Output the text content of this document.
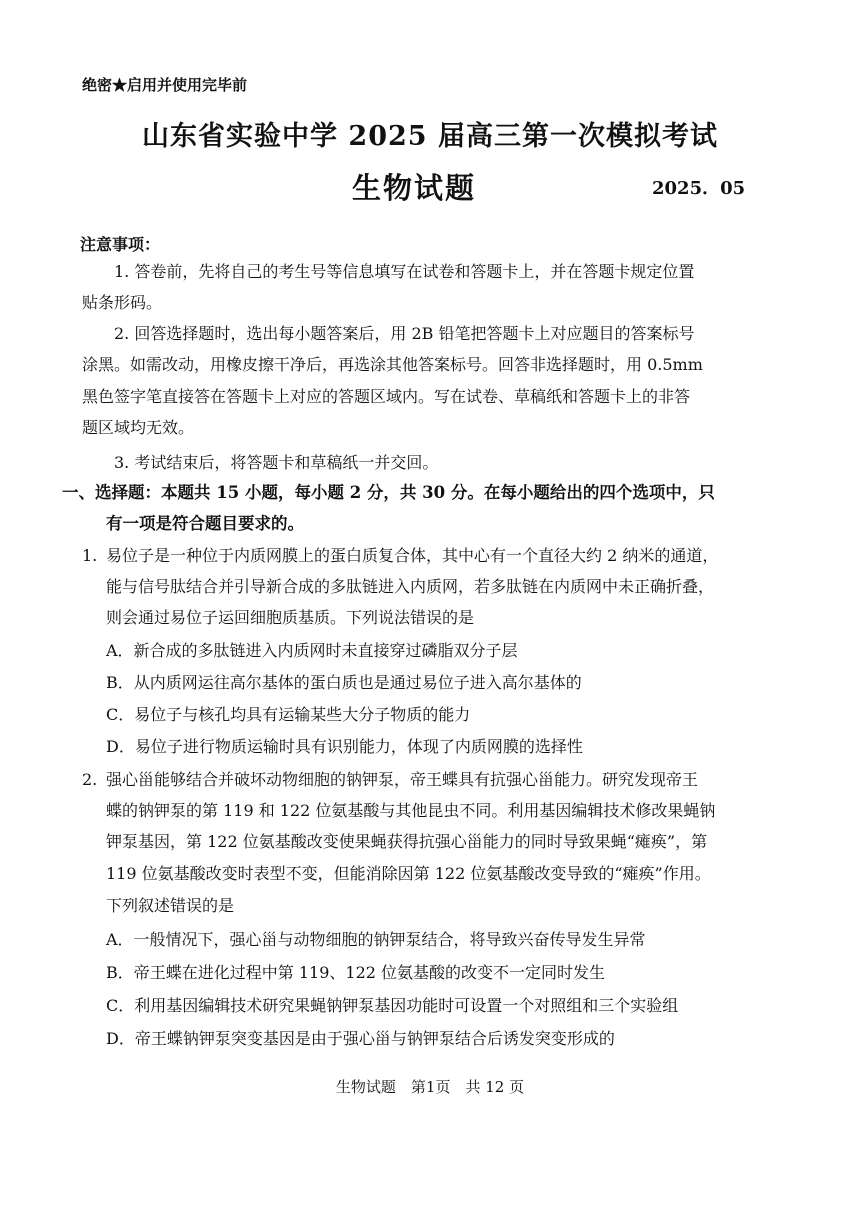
绝密★启用并使用完毕前
山东省实验中学 2025 届高三第一次模拟考试
生物试题	2025．05
注意事项：
1. 答卷前，先将自己的考生号等信息填写在试卷和答题卡上，并在答题卡规定位置
贴条形码。
2. 回答选择题时，选出每小题答案后，用 2B 铅笔把答题卡上对应题目的答案标号
涂黑。如需改动，用橡皮擦干净后，再选涂其他答案标号。回答非选择题时，用 0.5mm
黑色签字笔直接答在答题卡上对应的答题区域内。写在试卷、草稿纸和答题卡上的非答
题区域均无效。
3. 考试结束后，将答题卡和草稿纸一并交回。
一、选择题：本题共 15 小题，每小题 2 分，共 30 分。在每小题给出的四个选项中，只
有一项是符合题目要求的。
1. 易位子是一种位于内质网膜上的蛋白质复合体，其中心有一个直径大约 2 纳米的通道，
能与信号肽结合并引导新合成的多肽链进入内质网，若多肽链在内质网中未正确折叠，
则会通过易位子运回细胞质基质。下列说法错误的是
A．新合成的多肽链进入内质网时未直接穿过磷脂双分子层
B．从内质网运往高尔基体的蛋白质也是通过易位子进入高尔基体的
C．易位子与核孔均具有运输某些大分子物质的能力
D．易位子进行物质运输时具有识别能力，体现了内质网膜的选择性
2. 强心甾能够结合并破坏动物细胞的钠钾泵，帝王蝶具有抗强心甾能力。研究发现帝王
蝶的钠钾泵的第 119 和 122 位氨基酸与其他昆虫不同。利用基因编辑技术修改果蝇钠
钾泵基因，第 122 位氨基酸改变使果蝇获得抗强心甾能力的同时导致果蝇“瘫痪”，第
119 位氨基酸改变时表型不变，但能消除因第 122 位氨基酸改变导致的“瘫痪”作用。
下列叙述错误的是
A．一般情况下，强心甾与动物细胞的钠钾泵结合，将导致兴奋传导发生异常
B．帝王蝶在进化过程中第 119、122 位氨基酸的改变不一定同时发生
C．利用基因编辑技术研究果蝇钠钾泵基因功能时可设置一个对照组和三个实验组
D．帝王蝶钠钾泵突变基因是由于强心甾与钠钾泵结合后诱发突变形成的
生物试题　第1页　共 12 页
